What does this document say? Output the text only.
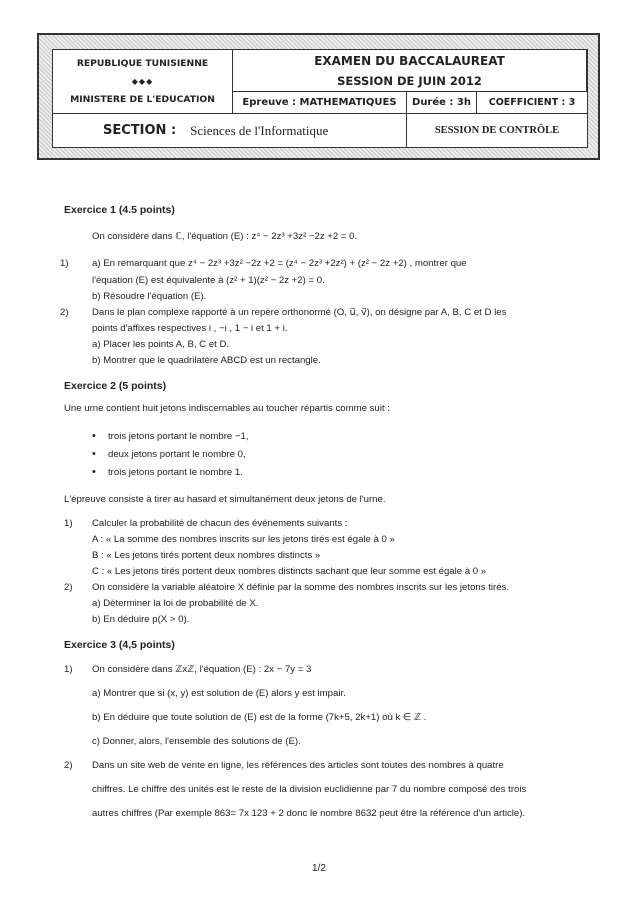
REPUBLIQUE TUNISIENNE
◆◆◆
MINISTERE DE L'EDUCATION
EXAMEN DU BACCALAUREAT
SESSION DE JUIN 2012
Epreuve : MATHEMATIQUES	Durée : 3h	COEFFICIENT : 3
SECTION : Sciences de l'Informatique	SESSION DE CONTRÔLE
Exercice 1 (4.5 points)
On considère dans ℂ, l'équation (E) : z⁴ − 2z³ +3z² −2z +2 = 0.
1) a) En remarquant que z⁴ − 2z³ +3z² −2z +2 = (z⁴ − 2z³ +2z²) + (z² − 2z +2) , montrer que
l'équation (E) est équivalente à (z² + 1)(z² − 2z +2) = 0.
b) Résoudre l'équation (E).
2) Dans le plan complexe rapporté à un repère orthonormé (O, u⃗, v⃗), on désigne par A, B, C et D les
points d'affixes respectives i , −i , 1 − i et 1 + i.
a) Placer les points A, B, C et D.
b) Montrer que le quadrilatère ABCD est un rectangle.
Exercice 2 (5 points)
Une urne contient huit jetons indiscernables au toucher répartis comme suit :
• trois jetons portant le nombre −1,
• deux jetons portant le nombre 0,
• trois jetons portant le nombre 1.
L'épreuve consiste à tirer au hasard et simultanément deux jetons de l'urne.
1) Calculer la probabilité de chacun des événements suivants :
A : « La somme des nombres inscrits sur les jetons tirés est égale à 0 »
B : « Les jetons tirés portent deux nombres distincts »
C : « Les jetons tirés portent deux nombres distincts sachant que leur somme est égale à 0 »
2) On considère la variable aléatoire X définie par la somme des nombres inscrits sur les jetons tirés.
a) Déterminer la loi de probabilité de X.
b) En déduire p(X > 0).
Exercice 3 (4,5 points)
1) On considère dans ℤxℤ, l'équation (E) : 2x − 7y = 3
a) Montrer que si (x, y) est solution de (E) alors y est impair.
b) En déduire que toute solution de (E) est de la forme (7k+5, 2k+1) où k ∈ ℤ .
c) Donner, alors, l'ensemble des solutions de (E).
2) Dans un site web de vente en ligne, les références des articles sont toutes des nombres à quatre
chiffres. Le chiffre des unités est le reste de la division euclidienne par 7 du nombre composé des trois
autres chiffres (Par exemple 863= 7x 123 + 2 donc le nombre 8632 peut être la référence d'un article).
1/2
